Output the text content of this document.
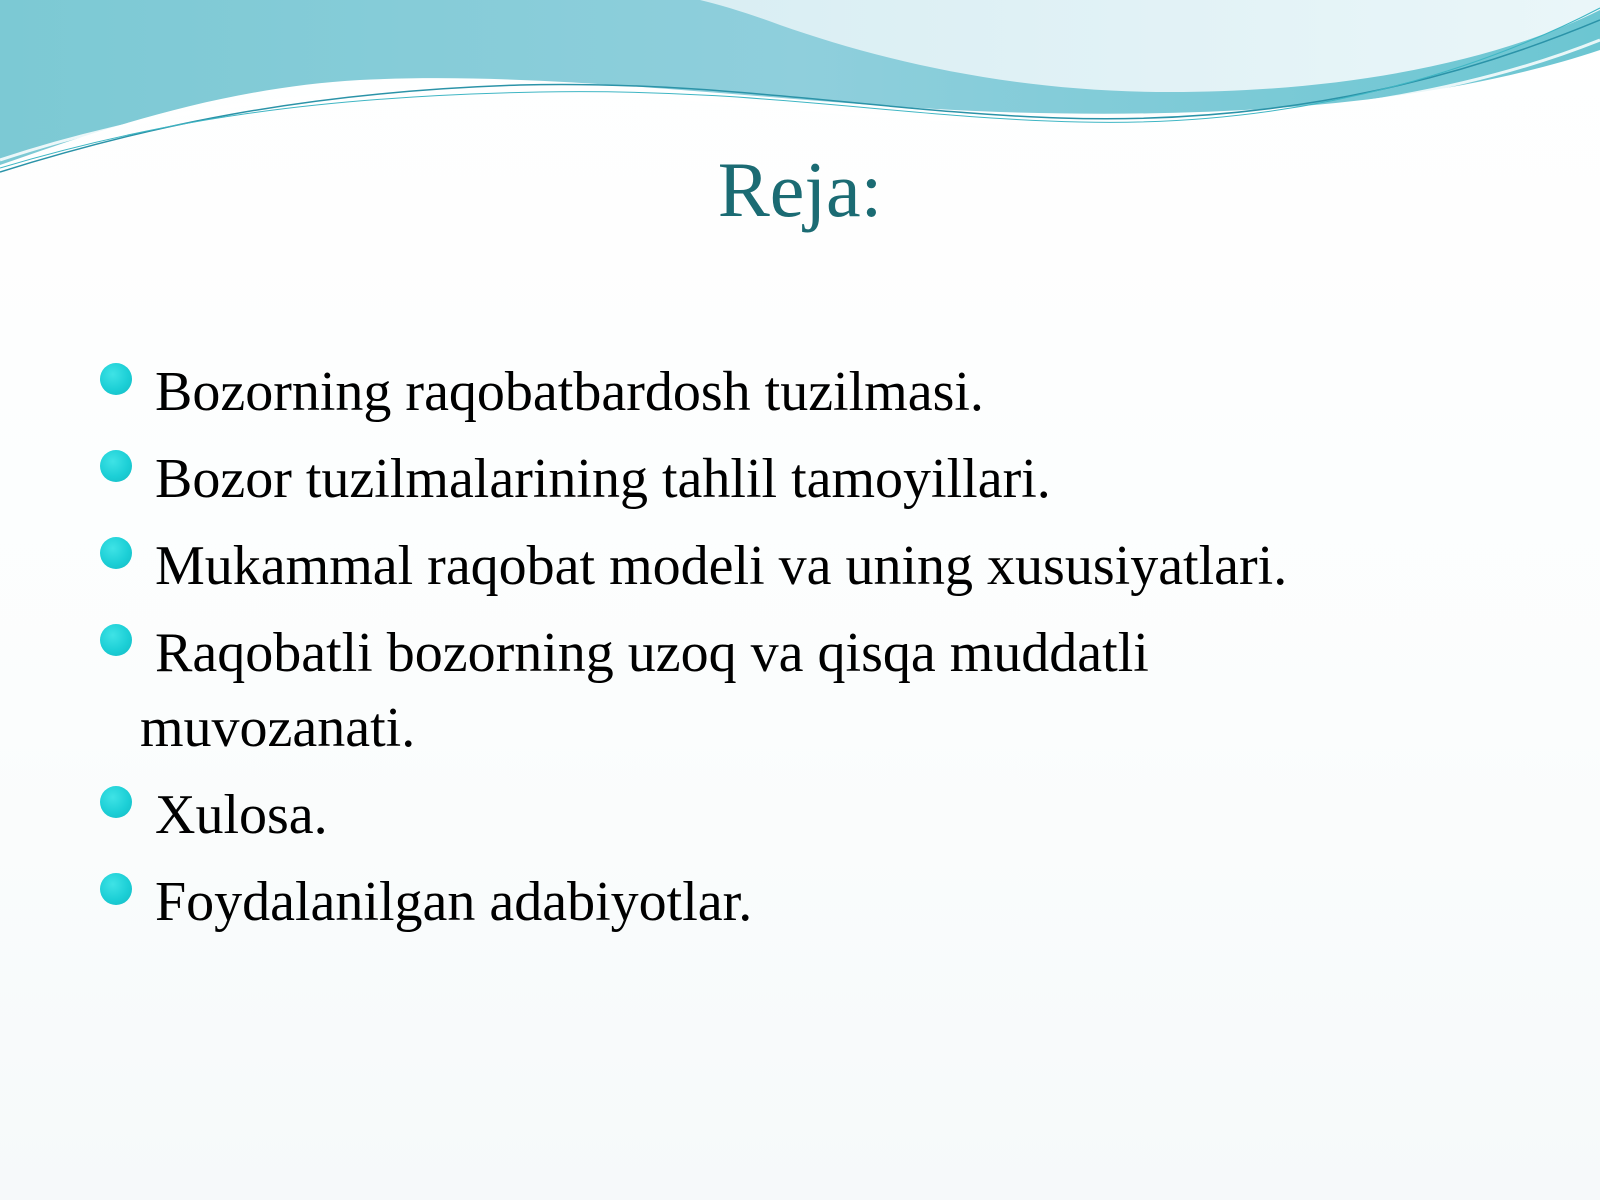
Reja:
Bozorning raqobatbardosh tuzilmasi.
Bozor tuzilmalarining tahlil tamoyillari.
Mukammal raqobat modeli va uning xususiyatlari.
Raqobatli bozorning uzoq va qisqa muddatli
muvozanati.
Xulosa.
Foydalanilgan adabiyotlar.
